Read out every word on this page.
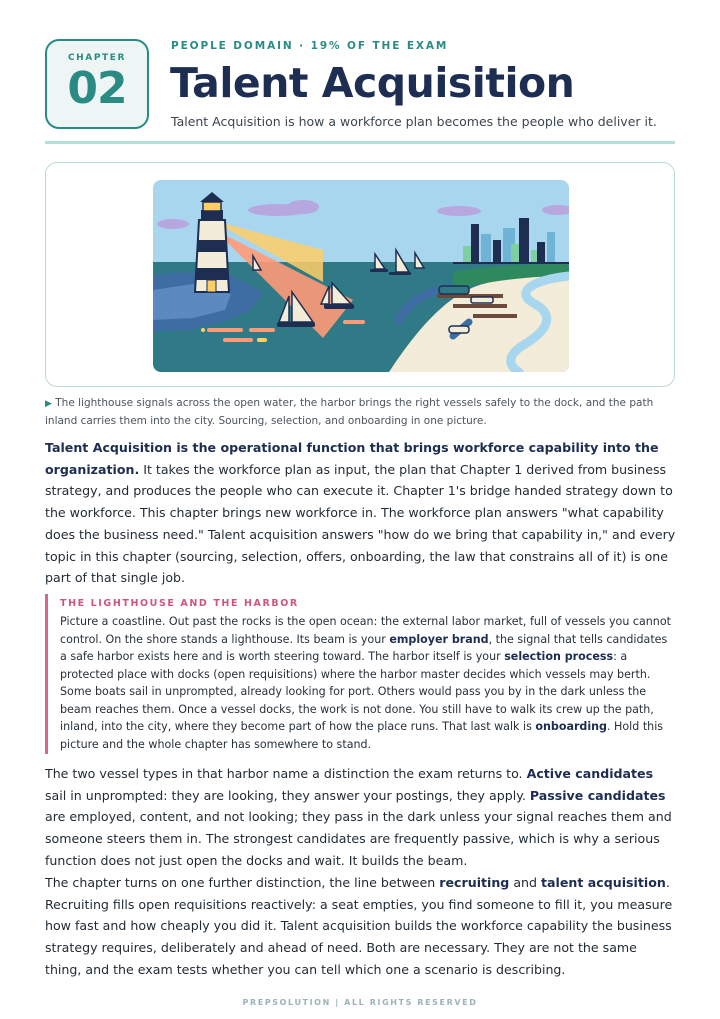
CHAPTER
02
PEOPLE DOMAIN · 19% OF THE EXAM
Talent Acquisition
Talent Acquisition is how a workforce plan becomes the people who deliver it.
▶ The lighthouse signals across the open water, the harbor brings the right vessels safely to the dock, and the path
inland carries them into the city. Sourcing, selection, and onboarding in one picture.

Talent Acquisition is the operational function that brings workforce capability into the organization. It takes the workforce plan as input, the plan that Chapter 1 derived from business strategy, and produces the people who can execute it. Chapter 1's bridge handed strategy down to the workforce. This chapter brings new workforce in. The workforce plan answers "what capability does the business need." Talent acquisition answers "how do we bring that capability in," and every topic in this chapter (sourcing, selection, offers, onboarding, the law that constrains all of it) is one part of that single job.

THE LIGHTHOUSE AND THE HARBOR
Picture a coastline. Out past the rocks is the open ocean: the external labor market, full of vessels you cannot control. On the shore stands a lighthouse. Its beam is your employer brand, the signal that tells candidates a safe harbor exists here and is worth steering toward. The harbor itself is your selection process: a protected place with docks (open requisitions) where the harbor master decides which vessels may berth. Some boats sail in unprompted, already looking for port. Others would pass you by in the dark unless the beam reaches them. Once a vessel docks, the work is not done. You still have to walk its crew up the path, inland, into the city, where they become part of how the place runs. That last walk is onboarding. Hold this picture and the whole chapter has somewhere to stand.

The two vessel types in that harbor name a distinction the exam returns to. Active candidates sail in unprompted: they are looking, they answer your postings, they apply. Passive candidates are employed, content, and not looking; they pass in the dark unless your signal reaches them and someone steers them in. The strongest candidates are frequently passive, which is why a serious function does not just open the docks and wait. It builds the beam.

The chapter turns on one further distinction, the line between recruiting and talent acquisition. Recruiting fills open requisitions reactively: a seat empties, you find someone to fill it, you measure how fast and how cheaply you did it. Talent acquisition builds the workforce capability the business strategy requires, deliberately and ahead of need. Both are necessary. They are not the same thing, and the exam tests whether you can tell which one a scenario is describing.

PREPSOLUTION | ALL RIGHTS RESERVED
